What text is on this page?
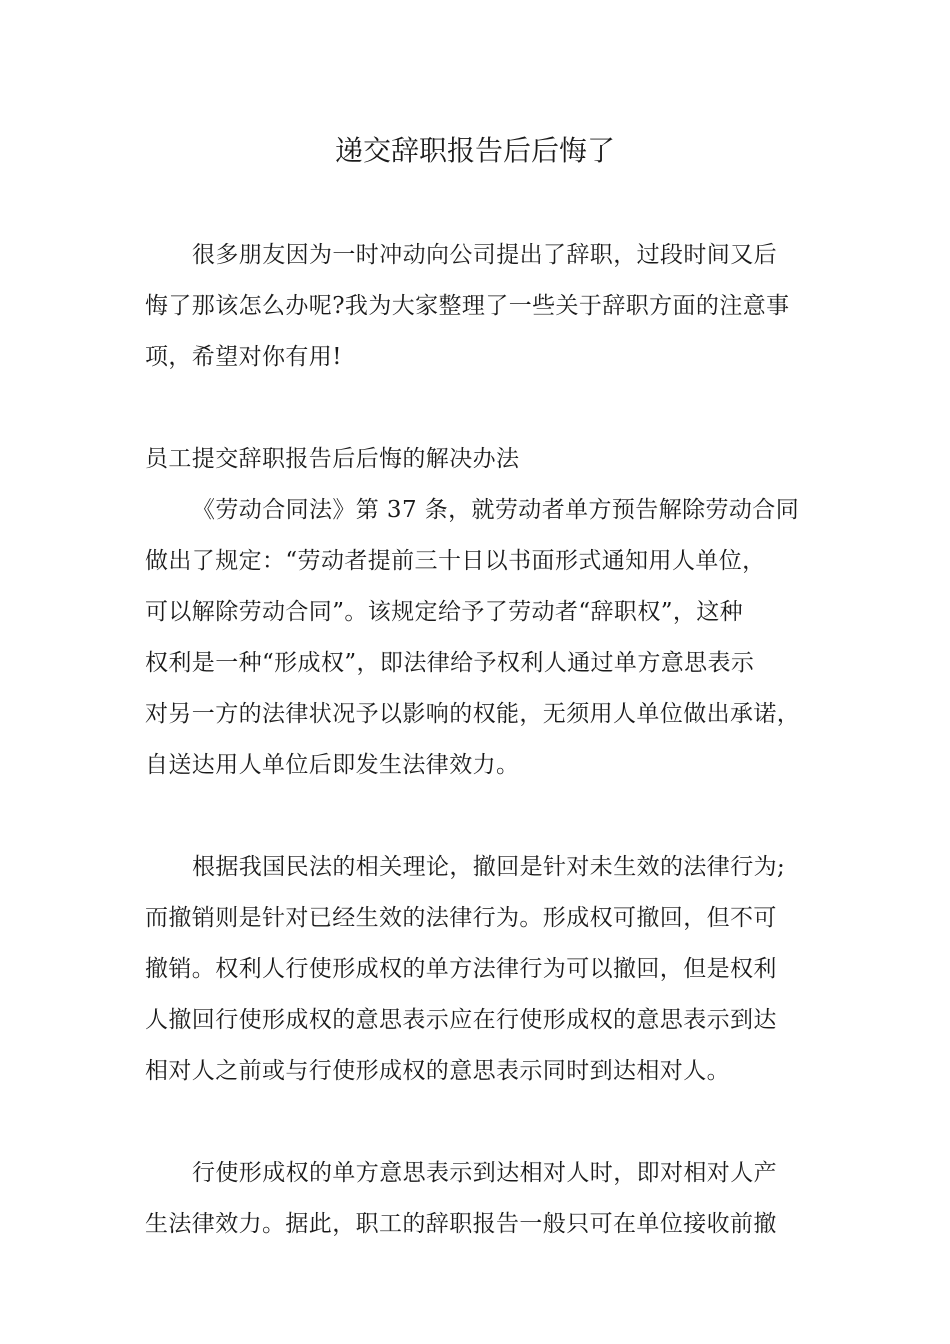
递交辞职报告后后悔了
很多朋友因为一时冲动向公司提出了辞职，过段时间又后
悔了那该怎么办呢?我为大家整理了一些关于辞职方面的注意事
项，希望对你有用!
员工提交辞职报告后后悔的解决办法
《劳动合同法》第 37 条，就劳动者单方预告解除劳动合同
做出了规定：“劳动者提前三十日以书面形式通知用人单位，
可以解除劳动合同”。该规定给予了劳动者“辞职权”，这种
权利是一种“形成权”，即法律给予权利人通过单方意思表示
对另一方的法律状况予以影响的权能，无须用人单位做出承诺，
自送达用人单位后即发生法律效力。
根据我国民法的相关理论，撤回是针对未生效的法律行为;
而撤销则是针对已经生效的法律行为。形成权可撤回，但不可
撤销。权利人行使形成权的单方法律行为可以撤回，但是权利
人撤回行使形成权的意思表示应在行使形成权的意思表示到达
相对人之前或与行使形成权的意思表示同时到达相对人。
行使形成权的单方意思表示到达相对人时，即对相对人产
生法律效力。据此，职工的辞职报告一般只可在单位接收前撤
